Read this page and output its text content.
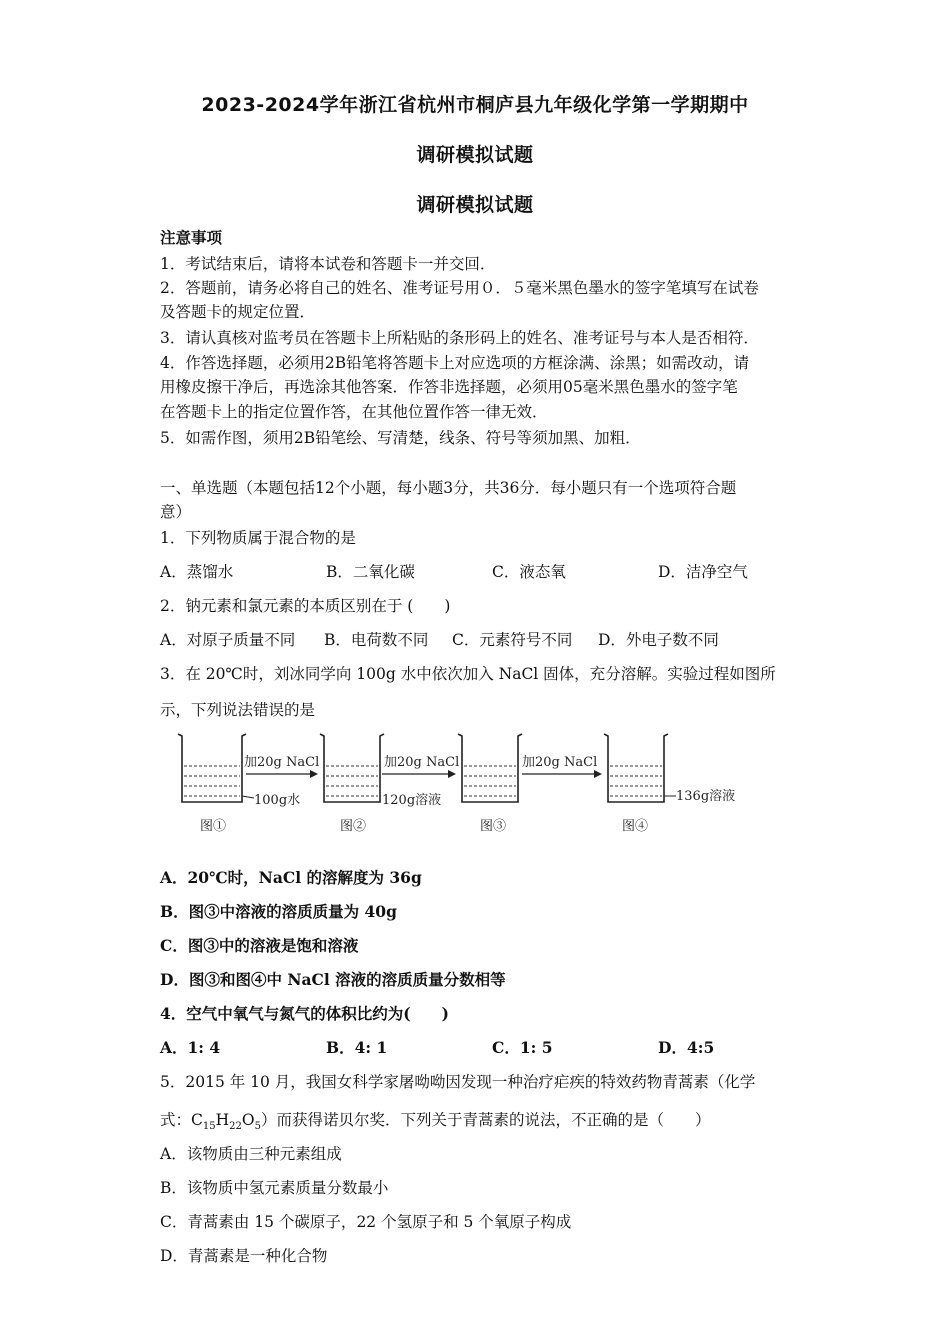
2023-2024学年浙江省杭州市桐庐县九年级化学第一学期期中
调研模拟试题
调研模拟试题
注意事项
1．考试结束后，请将本试卷和答题卡一并交回．
2．答题前，请务必将自己的姓名、准考证号用０．５毫米黑色墨水的签字笔填写在试卷
及答题卡的规定位置．
3．请认真核对监考员在答题卡上所粘贴的条形码上的姓名、准考证号与本人是否相符．
4．作答选择题，必须用2B铅笔将答题卡上对应选项的方框涂满、涂黑；如需改动，请
用橡皮擦干净后，再选涂其他答案．作答非选择题，必须用05毫米黑色墨水的签字笔
在答题卡上的指定位置作答，在其他位置作答一律无效．
5．如需作图，须用2B铅笔绘、写清楚，线条、符号等须加黑、加粗．
一、单选题（本题包括12个小题，每小题3分，共36分．每小题只有一个选项符合题
意）
1．下列物质属于混合物的是
A．蒸馏水	B．二氧化碳	C．液态氧	D．洁净空气
2．钠元素和氯元素的本质区别在于 (　　)
A．对原子质量不同 B．电荷数不同 C．元素符号不同 D．外电子数不同
3．在 20℃时，刘冰同学向 100g 水中依次加入 NaCl 固体，充分溶解。实验过程如图所
示，下列说法错误的是
100g水
图①
加20g NaCl
120g溶液
图②
加20g NaCl
图③
加20g NaCl
136g溶液
图④
A．20℃时，NaCl 的溶解度为 36g
B．图③中溶液的溶质质量为 40g
C．图③中的溶液是饱和溶液
D．图③和图④中 NaCl 溶液的溶质质量分数相等
4．空气中氧气与氮气的体积比约为(　　)
A．1: 4	B．4: 1	C．1: 5	D．4:5
5．2015 年 10 月，我国女科学家屠呦呦因发现一种治疗疟疾的特效药物青蒿素（化学
式：$C_{15}H_{22}O_5$）而获得诺贝尔奖．下列关于青蒿素的说法，不正确的是（　　）
A．该物质由三种元素组成
B．该物质中氢元素质量分数最小
C．青蒿素由 15 个碳原子，22 个氢原子和 5 个氧原子构成
D．青蒿素是一种化合物
